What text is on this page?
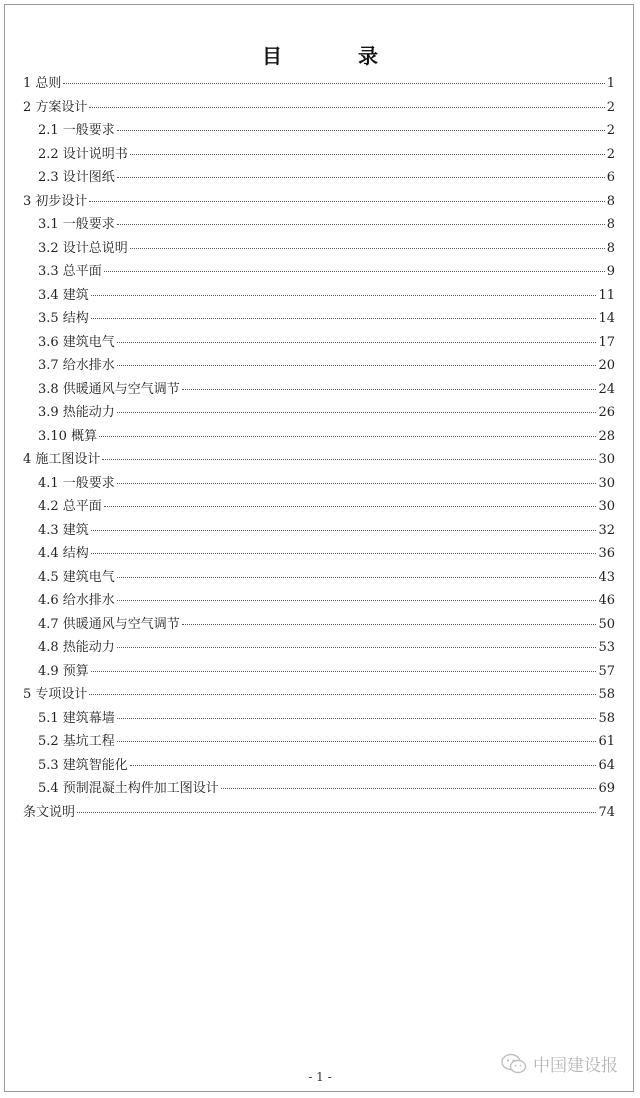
目　录
1 总则	1
2 方案设计	2
2.1 一般要求	2
2.2 设计说明书	2
2.3 设计图纸	6
3 初步设计	8
3.1 一般要求	8
3.2 设计总说明	8
3.3 总平面	9
3.4 建筑	11
3.5 结构	14
3.6 建筑电气	17
3.7 给水排水	20
3.8 供暖通风与空气调节	24
3.9 热能动力	26
3.10 概算	28
4 施工图设计	30
4.1 一般要求	30
4.2 总平面	30
4.3 建筑	32
4.4 结构	36
4.5 建筑电气	43
4.6 给水排水	46
4.7 供暖通风与空气调节	50
4.8 热能动力	53
4.9 预算	57
5 专项设计	58
5.1 建筑幕墙	58
5.2 基坑工程	61
5.3 建筑智能化	64
5.4 预制混凝土构件加工图设计	69
条文说明	74
- 1 -
中国建设报
